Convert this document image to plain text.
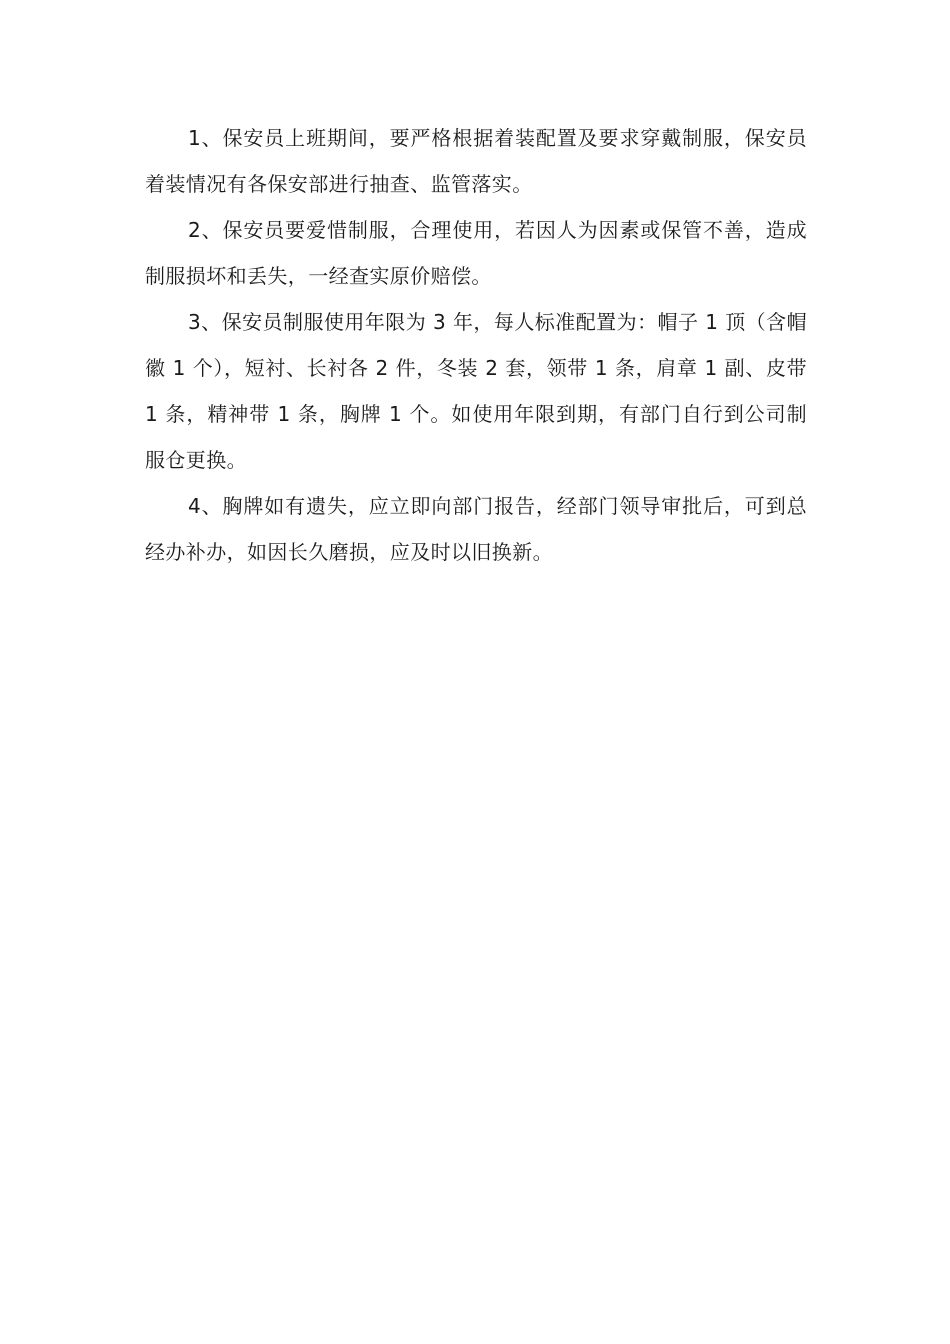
1、保安员上班期间，要严格根据着装配置及要求穿戴制服，保安员着装情况有各保安部进行抽查、监管落实。

2、保安员要爱惜制服，合理使用，若因人为因素或保管不善，造成制服损坏和丢失，一经查实原价赔偿。

3、保安员制服使用年限为 3 年，每人标准配置为：帽子 1 顶（含帽徽 1 个），短衬、长衬各 2 件，冬装 2 套，领带 1 条，肩章 1 副、皮带 1 条，精神带 1 条，胸牌 1 个。如使用年限到期，有部门自行到公司制服仓更换。

4、胸牌如有遗失，应立即向部门报告，经部门领导审批后，可到总经办补办，如因长久磨损，应及时以旧换新。
